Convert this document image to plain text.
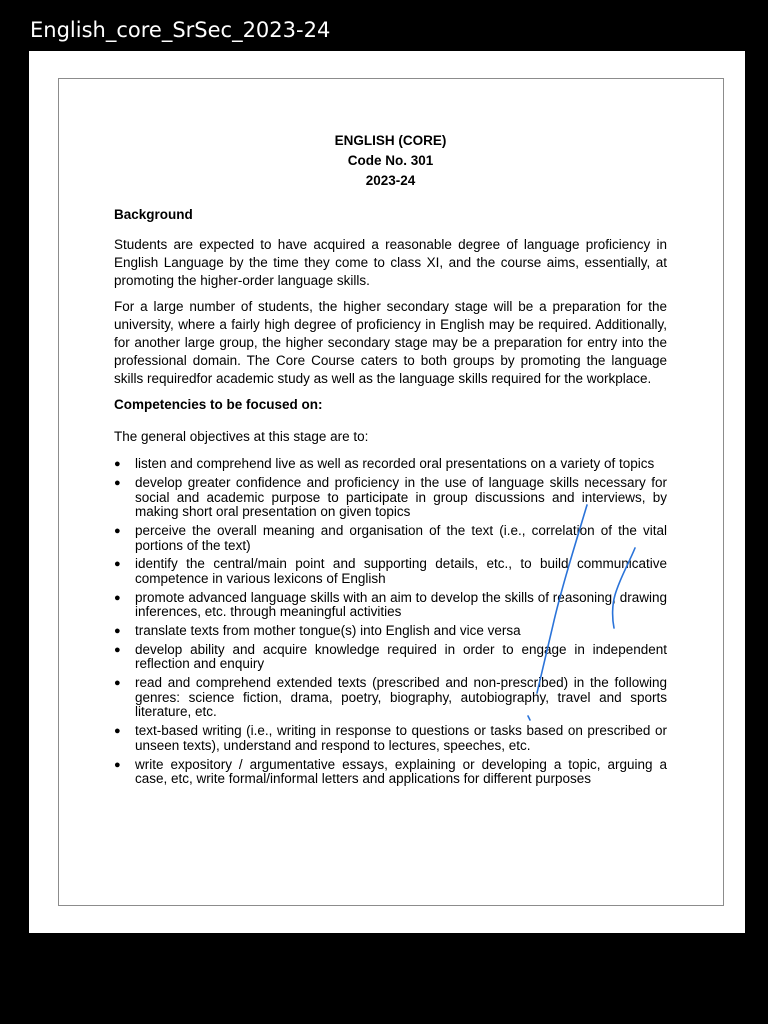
English_core_SrSec_2023-24
ENGLISH (CORE)
Code No. 301
2023-24
Background

Students are expected to have acquired a reasonable degree of language proficiency in English Language by the time they come to class XI, and the course aims, essentially, at promoting the higher-order language skills.

For a large number of students, the higher secondary stage will be a preparation for the university, where a fairly high degree of proficiency in English may be required. Additionally, for another large group, the higher secondary stage may be a preparation for entry into the professional domain. The Core Course caters to both groups by promoting the language skills requiredfor academic study as well as the language skills required for the workplace.

Competencies to be focused on:
The general objectives at this stage are to:
● listen and comprehend live as well as recorded oral presentations on a variety of topics
● develop greater confidence and proficiency in the use of language skills necessary for social and academic purpose to participate in group discussions and interviews, by making short oral presentation on given topics
● perceive the overall meaning and organisation of the text (i.e., correlation of the vital portions of the text)
● identify the central/main point and supporting details, etc., to build communicative competence in various lexicons of English
● promote advanced language skills with an aim to develop the skills of reasoning, drawing inferences, etc. through meaningful activities
● translate texts from mother tongue(s) into English and vice versa
● develop ability and acquire knowledge required in order to engage in independent reflection and enquiry
● read and comprehend extended texts (prescribed and non-prescribed) in the following genres: science fiction, drama, poetry, biography, autobiography, travel and sports literature, etc.
● text-based writing (i.e., writing in response to questions or tasks based on prescribed or unseen texts), understand and respond to lectures, speeches, etc.
● write expository / argumentative essays, explaining or developing a topic, arguing a case, etc, write formal/informal letters and applications for different purposes
